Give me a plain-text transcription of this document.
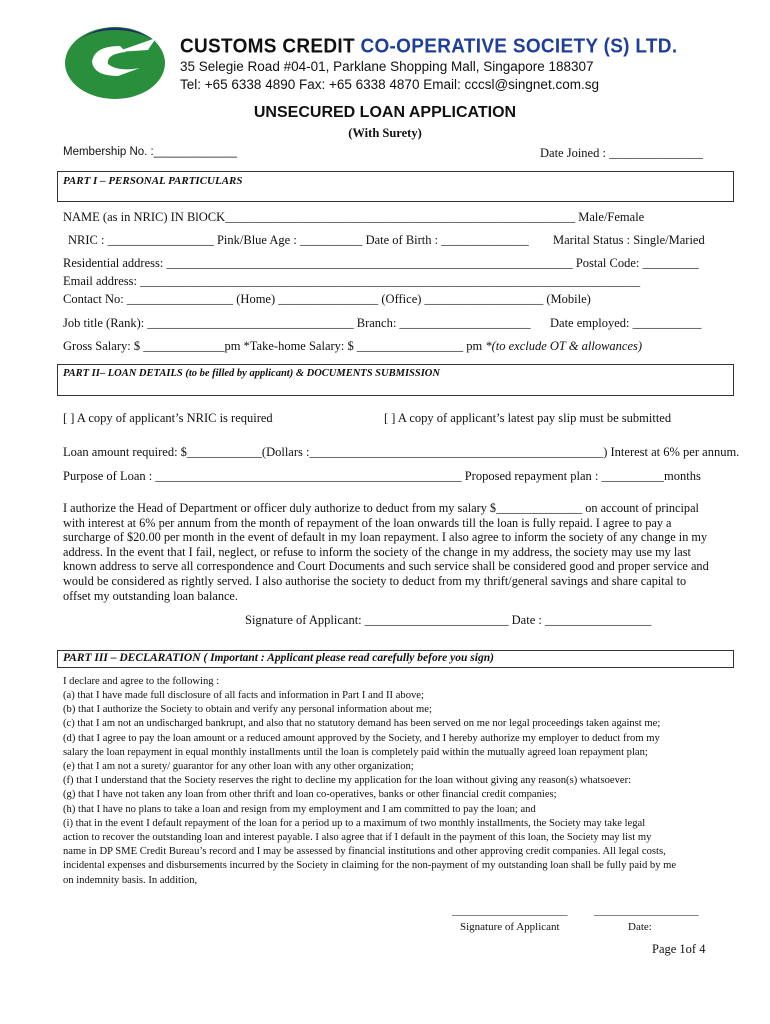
CUSTOMS CREDIT CO-OPERATIVE SOCIETY (S) LTD.
35 Selegie Road #04-01, Parklane Shopping Mall, Singapore 188307
Tel: +65 6338 4890 Fax: +65 6338 4870 Email: cccsl@singnet.com.sg
UNSECURED LOAN APPLICATION
(With Surety)
Membership No. :_____________	Date Joined : _______________
PART I – PERSONAL PARTICULARS
NAME (as in NRIC) IN BlOCK________________________________________________________ Male/Female
NRIC : _________________ Pink/Blue Age : __________ Date of Birth : ______________ Marital Status : Single/Maried
Residential address: _________________________________________________________________ Postal Code: _________
Email address: ________________________________________________________________________________
Contact No: _________________ (Home) ________________ (Office) ___________________ (Mobile)
Job title (Rank): _________________________________ Branch: _____________________ Date employed: ___________
Gross Salary: $ _____________pm *Take-home Salary: $ _________________ pm *(to exclude OT & allowances)
PART II– LOAN DETAILS (to be filled by applicant) & DOCUMENTS SUBMISSION
[ ] A copy of applicant’s NRIC is required	[ ] A copy of applicant’s latest pay slip must be submitted
Loan amount required: $____________(Dollars :_______________________________________________) Interest at 6% per annum.
Purpose of Loan : _________________________________________________ Proposed repayment plan : __________months
I authorize the Head of Department or officer duly authorize to deduct from my salary $______________ on account of principal with interest at 6% per annum from the month of repayment of the loan onwards till the loan is fully repaid. I agree to pay a surcharge of $20.00 per month in the event of default in my loan repayment. I also agree to inform the society of any change in my address. In the event that I fail, neglect, or refuse to inform the society of the change in my address, the society may use my last known address to serve all correspondence and Court Documents and such service shall be considered good and proper service and would be considered as rightly served. I also authorise the society to deduct from my thrift/general savings and share capital to offset my outstanding loan balance.
Signature of Applicant: _______________________ Date : _________________
PART III – DECLARATION ( Important : Applicant please read carefully before you sign)
I declare and agree to the following :
(a) that I have made full disclosure of all facts and information in Part I and II above;
(b) that I authorize the Society to obtain and verify any personal information about me;
(c) that I am not an undischarged bankrupt, and also that no statutory demand has been served on me nor legal proceedings taken against me;
(d) that I agree to pay the loan amount or a reduced amount approved by the Society, and I hereby authorize my employer to deduct from my
salary the loan repayment in equal monthly installments until the loan is completely paid within the mutually agreed loan repayment plan;
(e) that I am not a surety/ guarantor for any other loan with any other organization;
(f) that I understand that the Society reserves the right to decline my application for the loan without giving any reason(s) whatsoever:
(g) that I have not taken any loan from other thrift and loan co-operatives, banks or other financial credit companies;
(h) that I have no plans to take a loan and resign from my employment and I am committed to pay the loan; and
(i) that in the event I default repayment of the loan for a period up to a maximum of two monthly installments, the Society may take legal
action to recover the outstanding loan and interest payable. I also agree that if I default in the payment of this loan, the Society may list my
name in DP SME Credit Bureau’s record and I may be assessed by financial institutions and other approving credit companies. All legal costs,
incidental expenses and disbursements incurred by the Society in claiming for the non-payment of my outstanding loan shall be fully paid by me
on indemnity basis. In addition,
_____________________ ___________________
Signature of Applicant	Date:
Page 1of 4
